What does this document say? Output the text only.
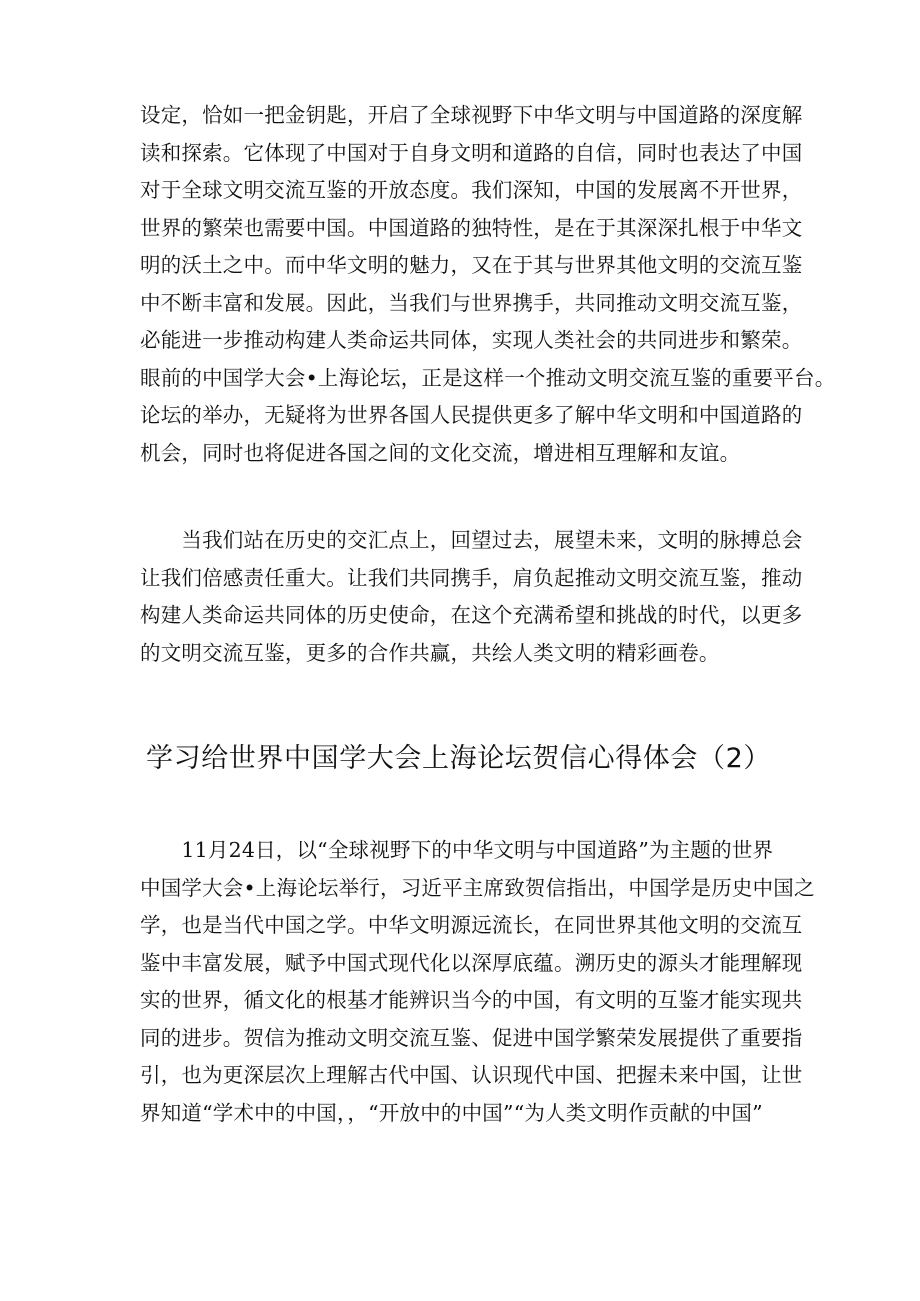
设定，恰如一把金钥匙，开启了全球视野下中华文明与中国道路的深度解
读和探索。它体现了中国对于自身文明和道路的自信，同时也表达了中国
对于全球文明交流互鉴的开放态度。我们深知，中国的发展离不开世界，
世界的繁荣也需要中国。中国道路的独特性，是在于其深深扎根于中华文
明的沃土之中。而中华文明的魅力，又在于其与世界其他文明的交流互鉴
中不断丰富和发展。因此，当我们与世界携手，共同推动文明交流互鉴，
必能进一步推动构建人类命运共同体，实现人类社会的共同进步和繁荣。
眼前的中国学大会•上海论坛，正是这样一个推动文明交流互鉴的重要平台。
论坛的举办，无疑将为世界各国人民提供更多了解中华文明和中国道路的
机会，同时也将促进各国之间的文化交流，增进相互理解和友谊。
　　当我们站在历史的交汇点上，回望过去，展望未来，文明的脉搏总会
让我们倍感责任重大。让我们共同携手，肩负起推动文明交流互鉴，推动
构建人类命运共同体的历史使命，在这个充满希望和挑战的时代，以更多
的文明交流互鉴，更多的合作共赢，共绘人类文明的精彩画卷。
学习给世界中国学大会上海论坛贺信心得体会（2）
　　11月24日，以“全球视野下的中华文明与中国道路”为主题的世界
中国学大会•上海论坛举行，习近平主席致贺信指出，中国学是历史中国之
学，也是当代中国之学。中华文明源远流长，在同世界其他文明的交流互
鉴中丰富发展，赋予中国式现代化以深厚底蕴。溯历史的源头才能理解现
实的世界，循文化的根基才能辨识当今的中国，有文明的互鉴才能实现共
同的进步。贺信为推动文明交流互鉴、促进中国学繁荣发展提供了重要指
引，也为更深层次上理解古代中国、认识现代中国、把握未来中国，让世
界知道“学术中的中国，，“开放中的中国”“为人类文明作贡献的中国”
